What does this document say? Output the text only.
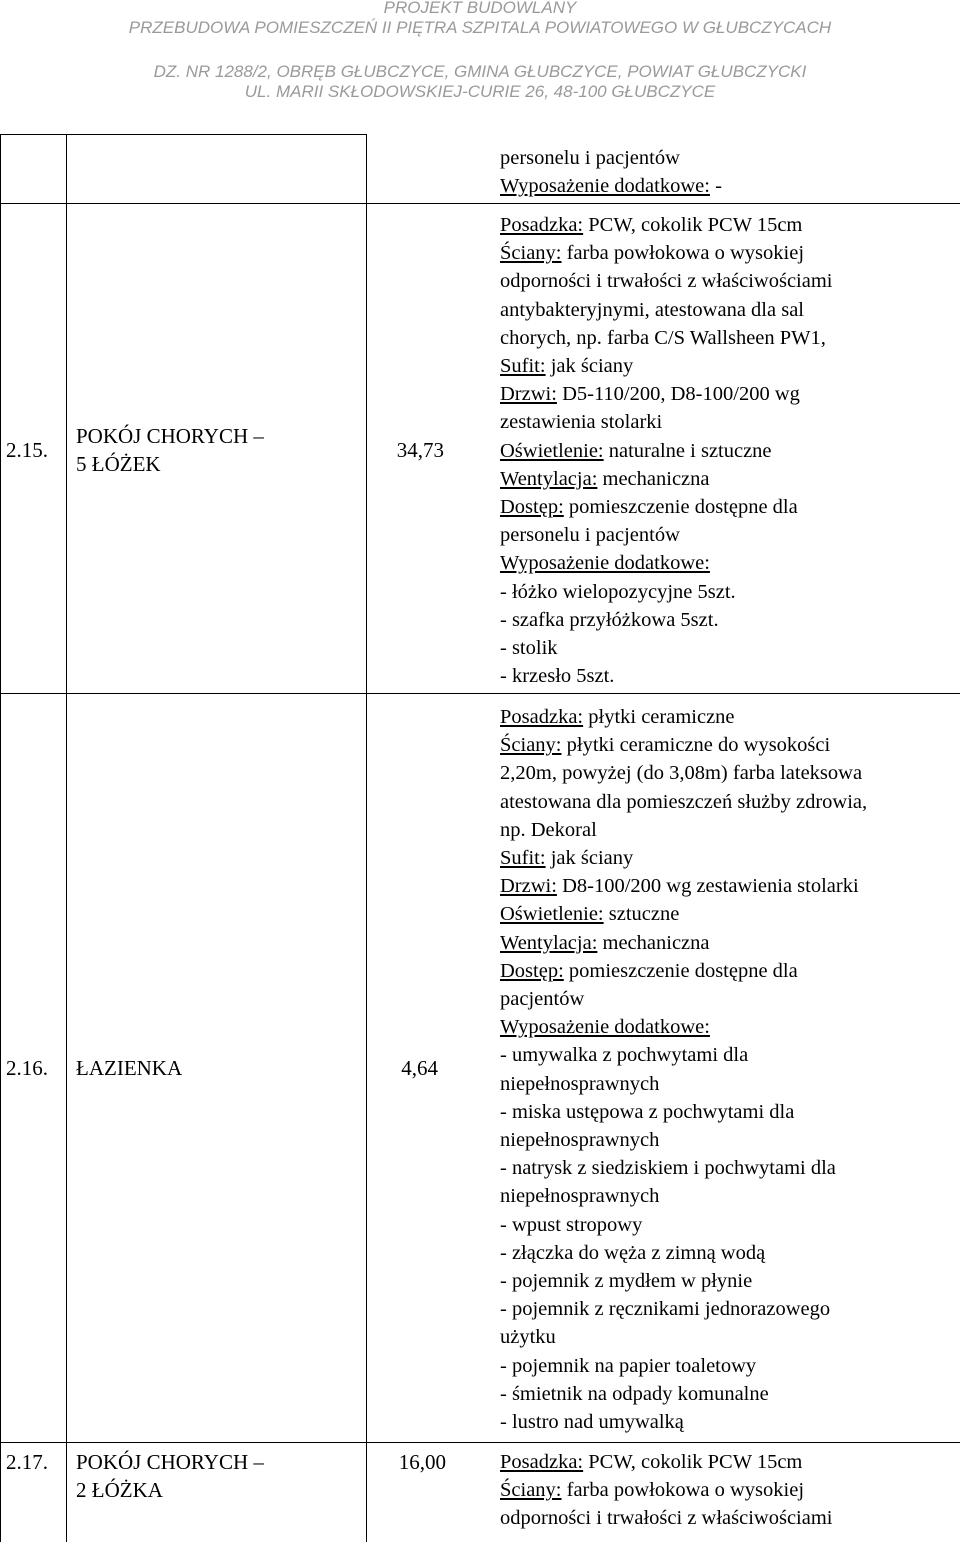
PROJEKT BUDOWLANY
PRZEBUDOWA POMIESZCZEŃ II PIĘTRA SZPITALA POWIATOWEGO W GŁUBCZYCACH
DZ. NR 1288/2, OBRĘB GŁUBCZYCE, GMINA GŁUBCZYCE, POWIAT GŁUBCZYCKI
UL. MARII SKŁODOWSKIEJ-CURIE 26, 48-100 GŁUBCZYCE
personelu i pacjentów
Wyposażenie dodatkowe: -
2.15.
POKÓJ CHORYCH –
5 ŁÓŻEK
34,73
Posadzka: PCW, cokolik PCW 15cm
Ściany: farba powłokowa o wysokiej
odporności i trwałości z właściwościami
antybakteryjnymi, atestowana dla sal
chorych, np. farba C/S Wallsheen PW1,
Sufit: jak ściany
Drzwi: D5-110/200, D8-100/200 wg
zestawienia stolarki
Oświetlenie: naturalne i sztuczne
Wentylacja: mechaniczna
Dostęp: pomieszczenie dostępne dla
personelu i pacjentów
Wyposażenie dodatkowe:
- łóżko wielopozycyjne 5szt.
- szafka przyłóżkowa 5szt.
- stolik
- krzesło 5szt.
2.16. ŁAZIENKA	4,64
Posadzka: płytki ceramiczne
Ściany: płytki ceramiczne do wysokości
2,20m, powyżej (do 3,08m) farba lateksowa
atestowana dla pomieszczeń służby zdrowia,
np. Dekoral
Sufit: jak ściany
Drzwi: D8-100/200 wg zestawienia stolarki
Oświetlenie: sztuczne
Wentylacja: mechaniczna
Dostęp: pomieszczenie dostępne dla
pacjentów
Wyposażenie dodatkowe:
- umywalka z pochwytami dla
niepełnosprawnych
- miska ustępowa z pochwytami dla
niepełnosprawnych
- natrysk z siedziskiem i pochwytami dla
niepełnosprawnych
- wpust stropowy
- złączka do węża z zimną wodą
- pojemnik z mydłem w płynie
- pojemnik z ręcznikami jednorazowego
użytku
- pojemnik na papier toaletowy
- śmietnik na odpady komunalne
- lustro nad umywalką
2.17. POKÓJ CHORYCH –
2 ŁÓŻKA
16,00	Posadzka: PCW, cokolik PCW 15cm
Ściany: farba powłokowa o wysokiej
odporności i trwałości z właściwościami
